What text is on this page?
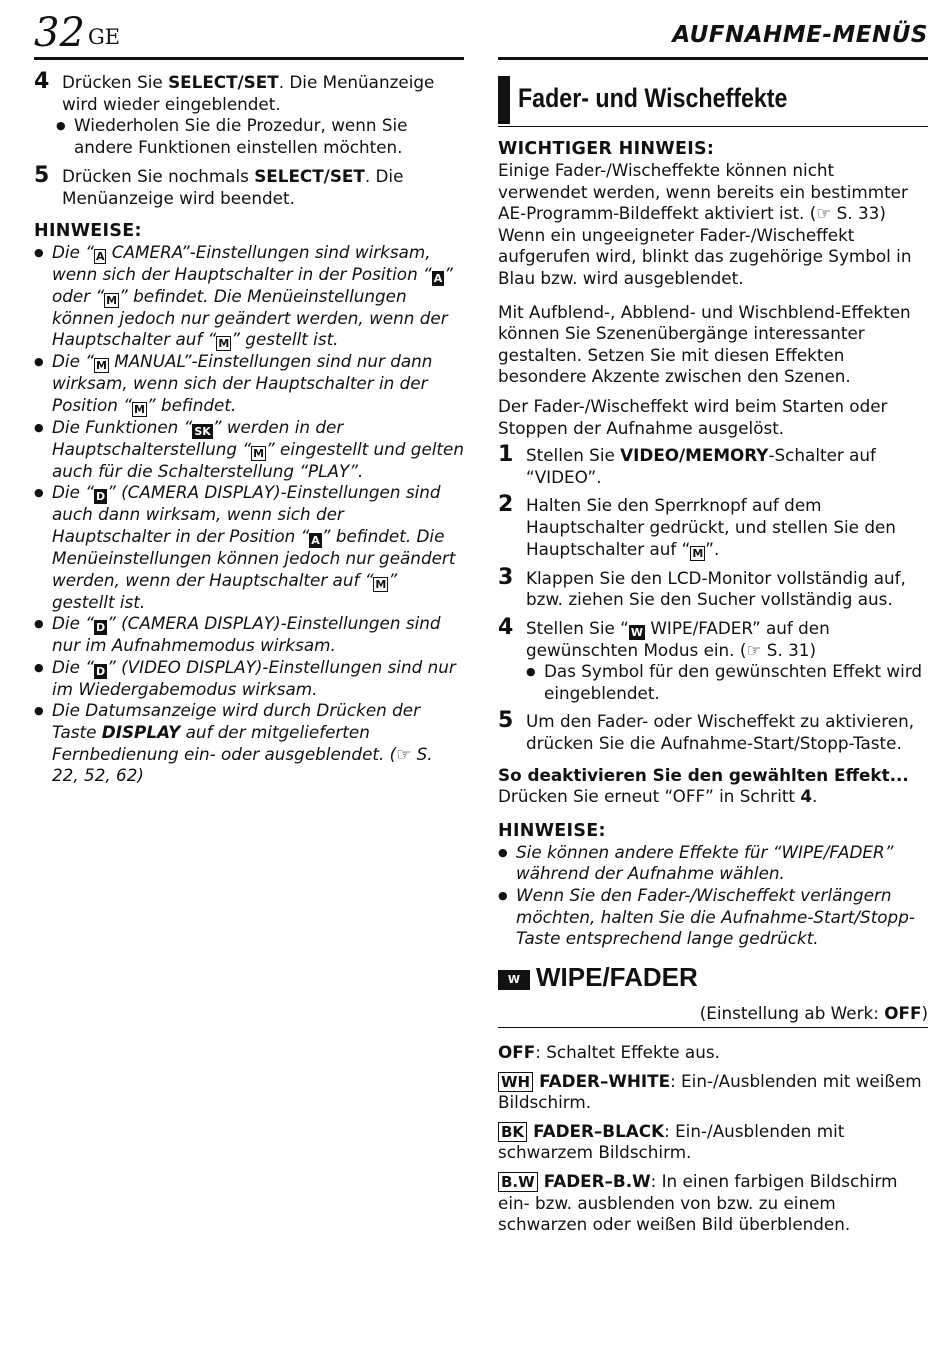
32 GE	AUFNAHME-MENÜS
4 Drücken Sie SELECT/SET. Die Menüanzeige wird wieder eingeblendet.

● Wiederholen Sie die Prozedur, wenn Sie andere Funktionen einstellen möchten.

5 Drücken Sie nochmals SELECT/SET. Die Menüanzeige wird beendet.

HINWEISE:

● Die “ A CAMERA”-Einstellungen sind wirksam, wenn sich der Hauptschalter in der Position “ A ” oder “ M ” befindet. Die Menüeinstellungen können jedoch nur geändert werden, wenn der Hauptschalter auf “ M ” gestellt ist.

● Die “ M MANUAL”-Einstellungen sind nur dann wirksam, wenn sich der Hauptschalter in der Position “ M ” befindet.

● Die Funktionen “ SK ” werden in der Hauptschalterstellung “ M ” eingestellt und gelten auch für die Schalterstellung “PLAY”.

● Die “ D ” (CAMERA DISPLAY)-Einstellungen sind auch dann wirksam, wenn sich der Hauptschalter in der Position “ A ” befindet. Die Menüeinstellungen können jedoch nur geändert werden, wenn der Hauptschalter auf “ M ” gestellt ist.

● Die “ D ” (CAMERA DISPLAY)-Einstellungen sind nur im Aufnahmemodus wirksam.

● Die “ D ” (VIDEO DISPLAY)-Einstellungen sind nur im Wiedergabemodus wirksam.

● Die Datumsanzeige wird durch Drücken der Taste DISPLAY auf der mitgelieferten Fernbedienung ein- oder ausgeblendet. (☞ S. 22, 52, 62)

Fader- und Wischeffekte

WICHTIGER HINWEIS:

Einige Fader-/Wischeffekte können nicht verwendet werden, wenn bereits ein bestimmter AE-Programm-Bildeffekt aktiviert ist. (☞ S. 33) Wenn ein ungeeigneter Fader-/Wischeffekt aufgerufen wird, blinkt das zugehörige Symbol in Blau bzw. wird ausgeblendet.

Mit Aufblend-, Abblend- und Wischblend-Effekten können Sie Szenenübergänge interessanter gestalten. Setzen Sie mit diesen Effekten besondere Akzente zwischen den Szenen.

Der Fader-/Wischeffekt wird beim Starten oder Stoppen der Aufnahme ausgelöst.

1 Stellen Sie VIDEO/MEMORY-Schalter auf “VIDEO”.

2 Halten Sie den Sperrknopf auf dem Hauptschalter gedrückt, und stellen Sie den Hauptschalter auf “ M ”.

3 Klappen Sie den LCD-Monitor vollständig auf, bzw. ziehen Sie den Sucher vollständig aus.

4 Stellen Sie “ W WIPE/FADER” auf den gewünschten Modus ein. (☞ S. 31)

● Das Symbol für den gewünschten Effekt wird eingeblendet.

5 Um den Fader- oder Wischeffekt zu aktivieren, drücken Sie die Aufnahme-Start/Stopp-Taste.

So deaktivieren Sie den gewählten Effekt...

Drücken Sie erneut “OFF” in Schritt 4.

HINWEISE:

● Sie können andere Effekte für “WIPE/FADER” während der Aufnahme wählen.

● Wenn Sie den Fader-/Wischeffekt verlängern möchten, halten Sie die Aufnahme-Start/Stopp-Taste entsprechend lange gedrückt.

W WIPE/FADER
(Einstellung ab Werk: OFF)

OFF: Schaltet Effekte aus.

WH FADER–WHITE: Ein-/Ausblenden mit weißem Bildschirm.

BK FADER–BLACK: Ein-/Ausblenden mit schwarzem Bildschirm.

B.W FADER–B.W: In einen farbigen Bildschirm ein- bzw. ausblenden von bzw. zu einem schwarzen oder weißen Bild überblenden.
